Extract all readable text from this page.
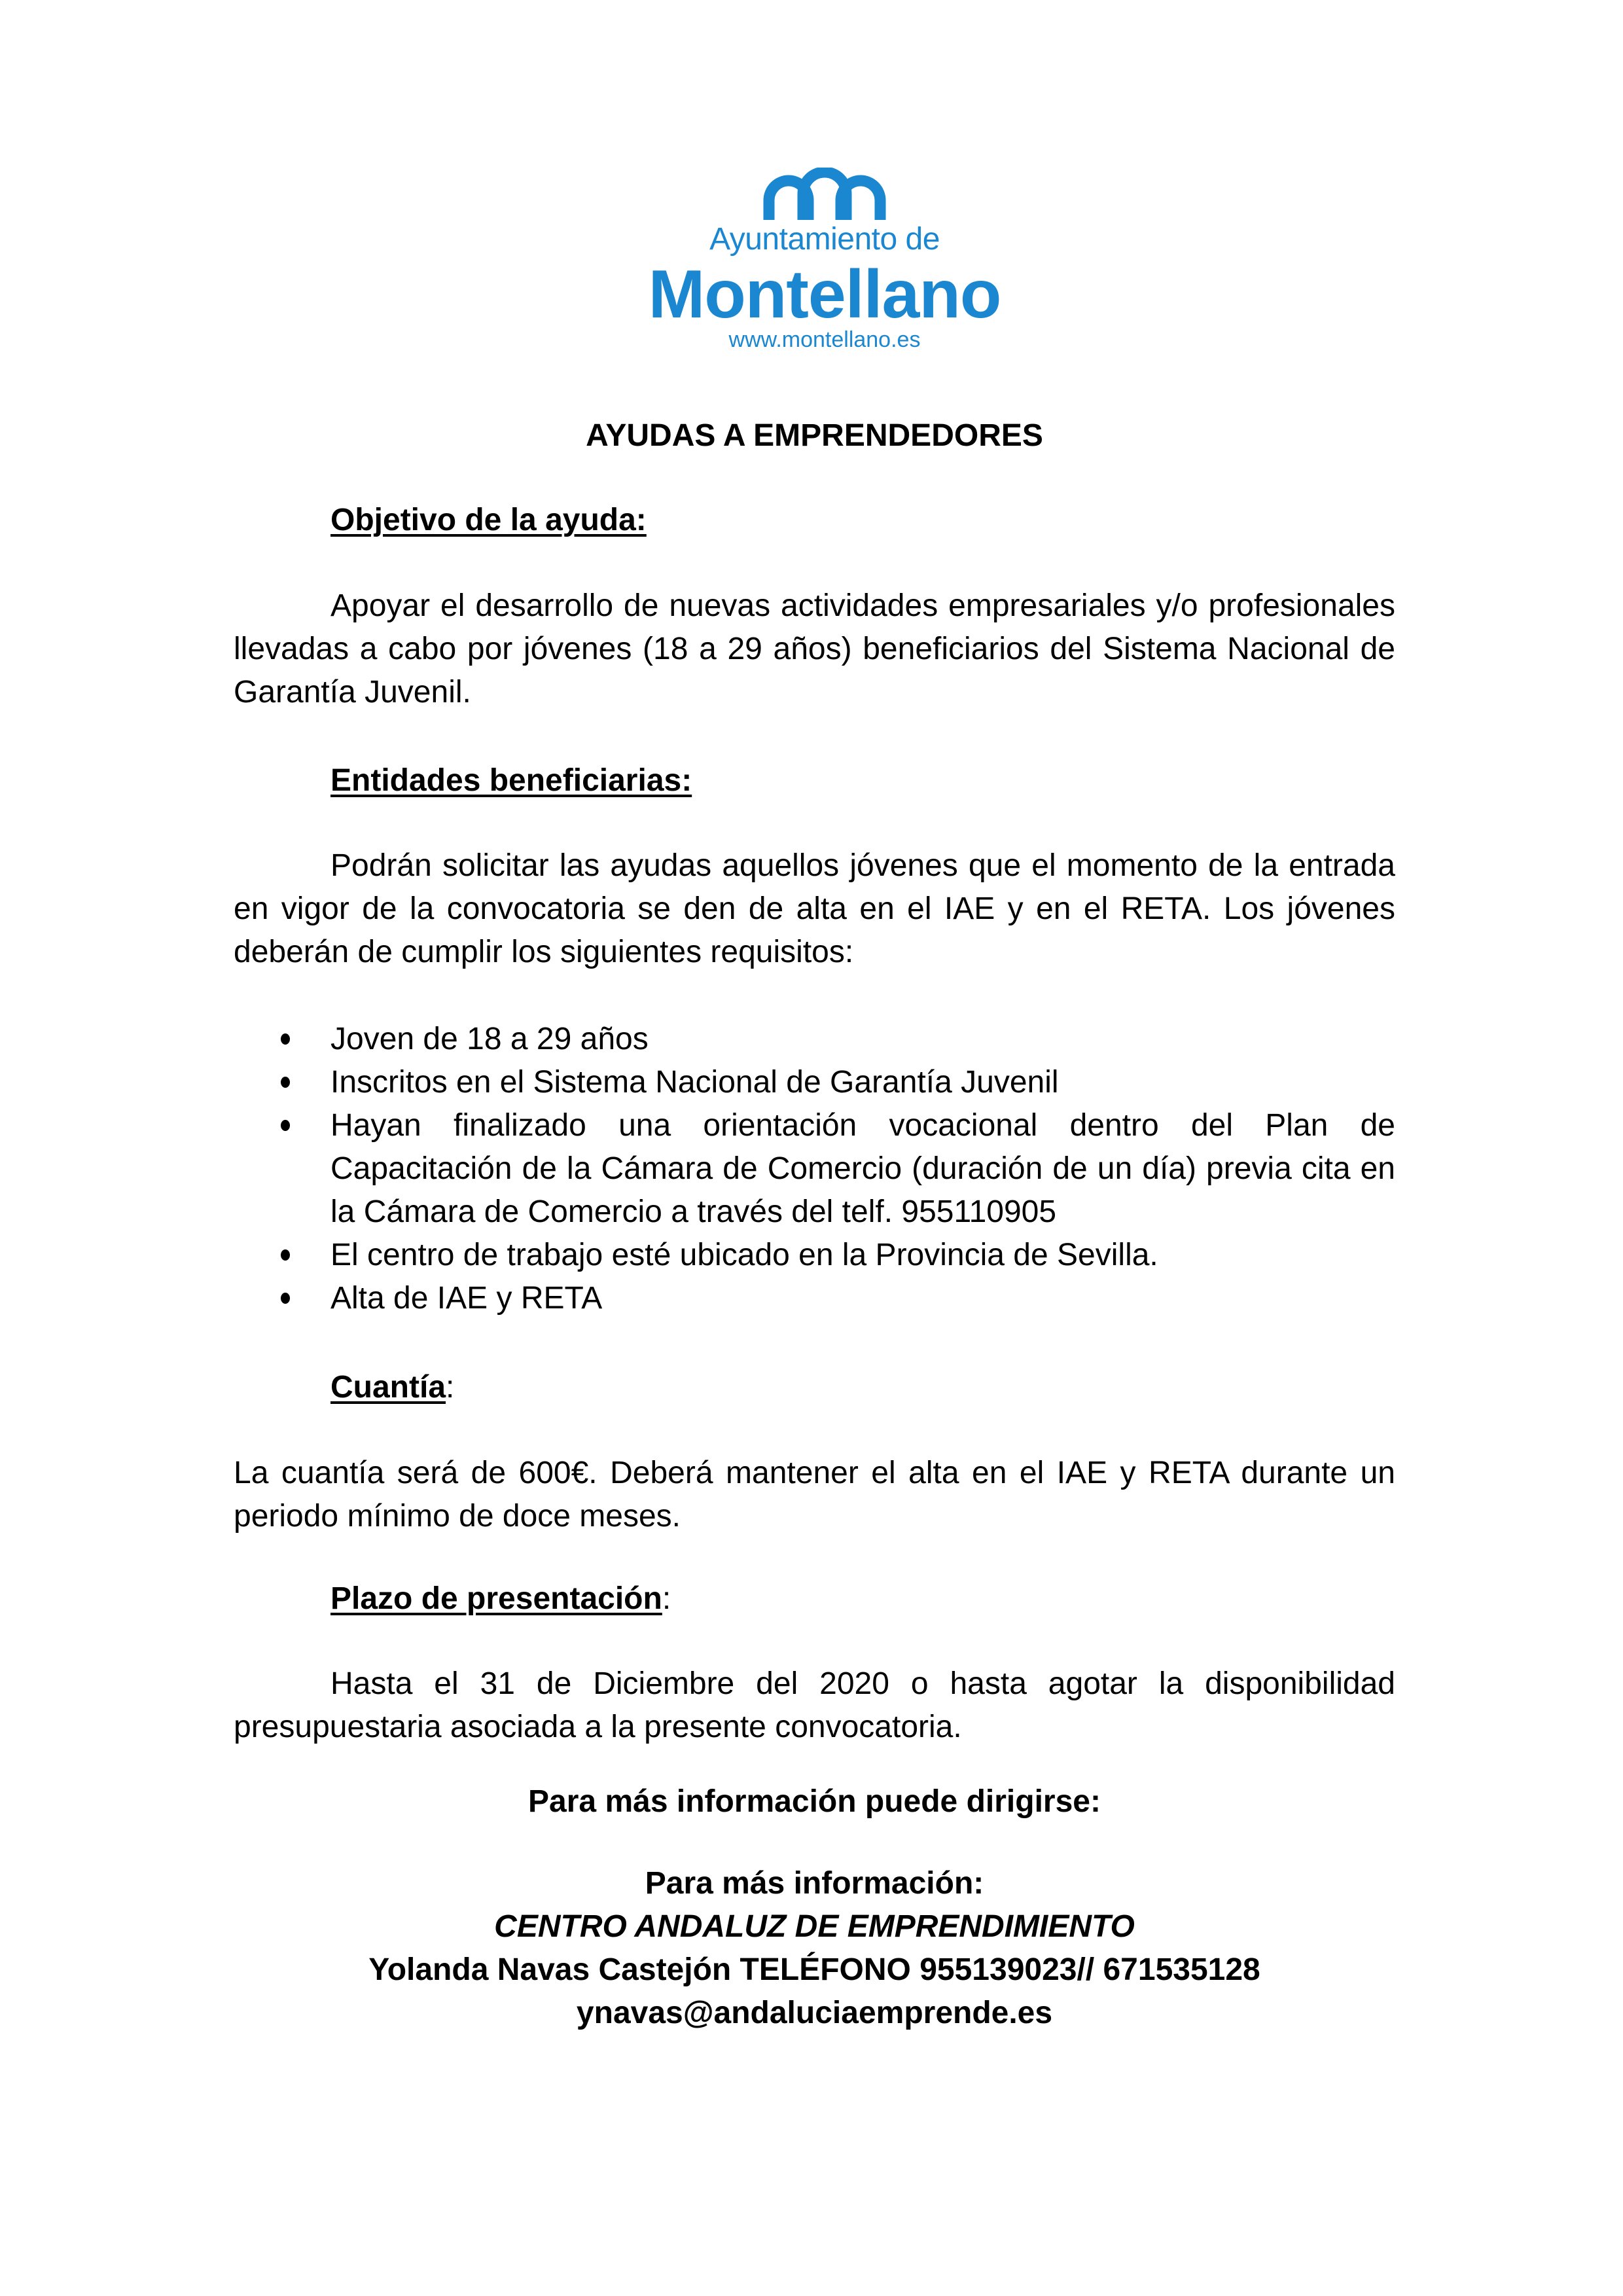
Ayuntamiento de
Montellano
www.montellano.es
AYUDAS A EMPRENDEDORES
Objetivo de la ayuda:

Apoyar el desarrollo de nuevas actividades empresariales y/o profesionales llevadas a cabo por jóvenes (18 a 29 años) beneficiarios del Sistema Nacional de Garantía Juvenil.

Entidades beneficiarias:

Podrán solicitar las ayudas aquellos jóvenes que el momento de la entrada en vigor de la convocatoria se den de alta en el IAE y en el RETA. Los jóvenes deberán de cumplir los siguientes requisitos:

Joven de 18 a 29 años
Inscritos en el Sistema Nacional de Garantía Juvenil
Hayan finalizado una orientación vocacional dentro del Plan de Capacitación de la Cámara de Comercio (duración de un día) previa cita en la Cámara de Comercio a través del telf. 955110905
El centro de trabajo esté ubicado en la Provincia de Sevilla.
Alta de IAE y RETA
Cuantía:

La cuantía será de 600€. Deberá mantener el alta en el IAE y RETA durante un periodo mínimo de doce meses.

Plazo de presentación:

Hasta el 31 de Diciembre del 2020 o hasta agotar la disponibilidad presupuestaria asociada a la presente convocatoria.

Para más información puede dirigirse:

Para más información:

CENTRO ANDALUZ DE EMPRENDIMIENTO

Yolanda Navas Castejón TELÉFONO 955139023// 671535128

ynavas@andaluciaemprende.es
